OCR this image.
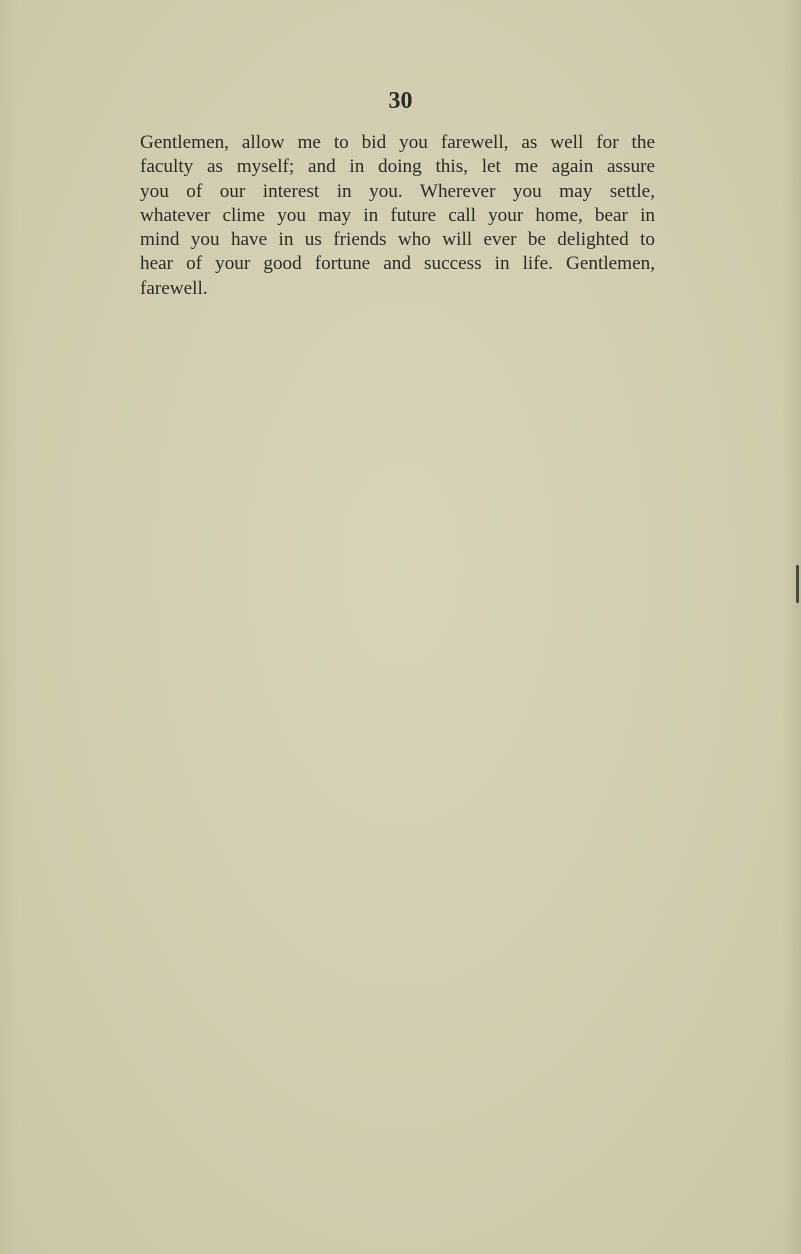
30

Gentlemen, allow me to bid you farewell, as well for the
faculty as myself; and in doing this, let me again assure
you of our interest in you. Wherever you may settle,
whatever clime you may in future call your home, bear in
mind you have in us friends who will ever be delighted to
hear of your good fortune and success in life. Gentlemen,
farewell.
